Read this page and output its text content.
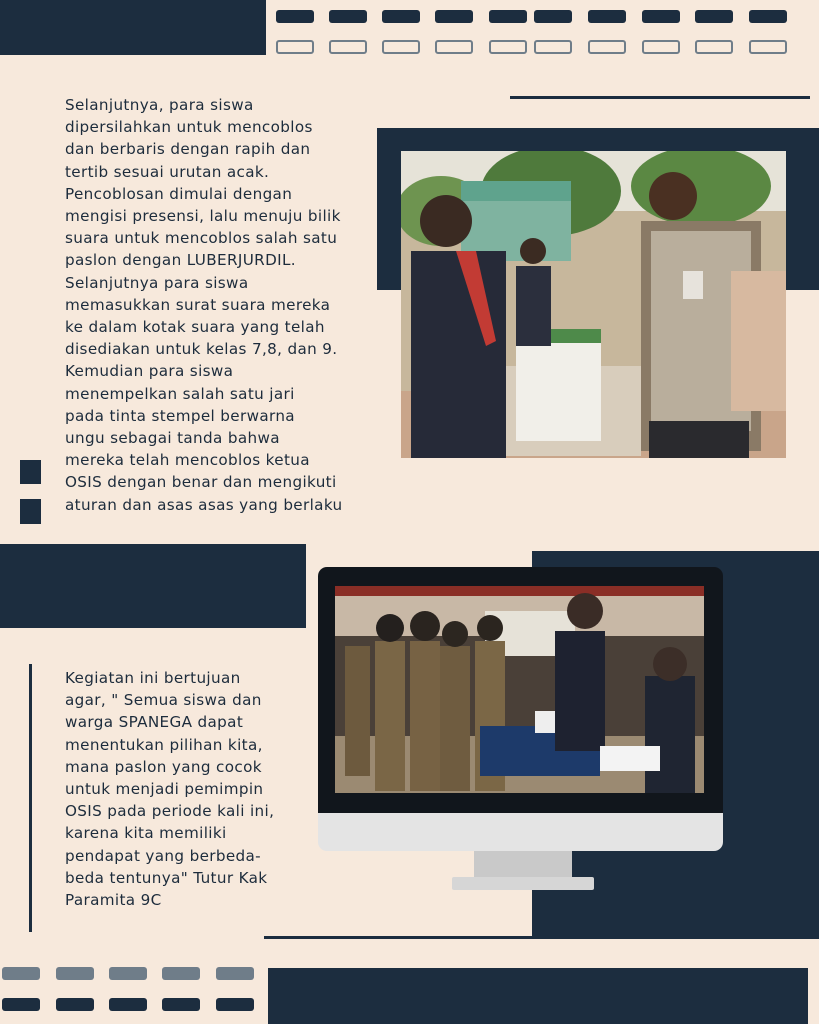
Selanjutnya, para siswa
dipersilahkan untuk mencoblos
dan berbaris dengan rapih dan
tertib sesuai urutan acak.
Pencoblosan dimulai dengan
mengisi presensi, lalu menuju bilik
suara untuk mencoblos salah satu
paslon dengan LUBERJURDIL.
Selanjutnya para siswa
memasukkan surat suara mereka
ke dalam kotak suara yang telah
disediakan untuk kelas 7,8, dan 9.
Kemudian para siswa
menempelkan salah satu jari
pada tinta stempel berwarna
ungu sebagai tanda bahwa
mereka telah mencoblos ketua
OSIS dengan benar dan mengikuti
aturan dan asas asas yang berlaku

Kegiatan ini bertujuan
agar, " Semua siswa dan
warga SPANEGA dapat
menentukan pilihan kita,
mana paslon yang cocok
untuk menjadi pemimpin
OSIS pada periode kali ini,
karena kita memiliki
pendapat yang berbeda-
beda tentunya" Tutur Kak
Paramita 9C
